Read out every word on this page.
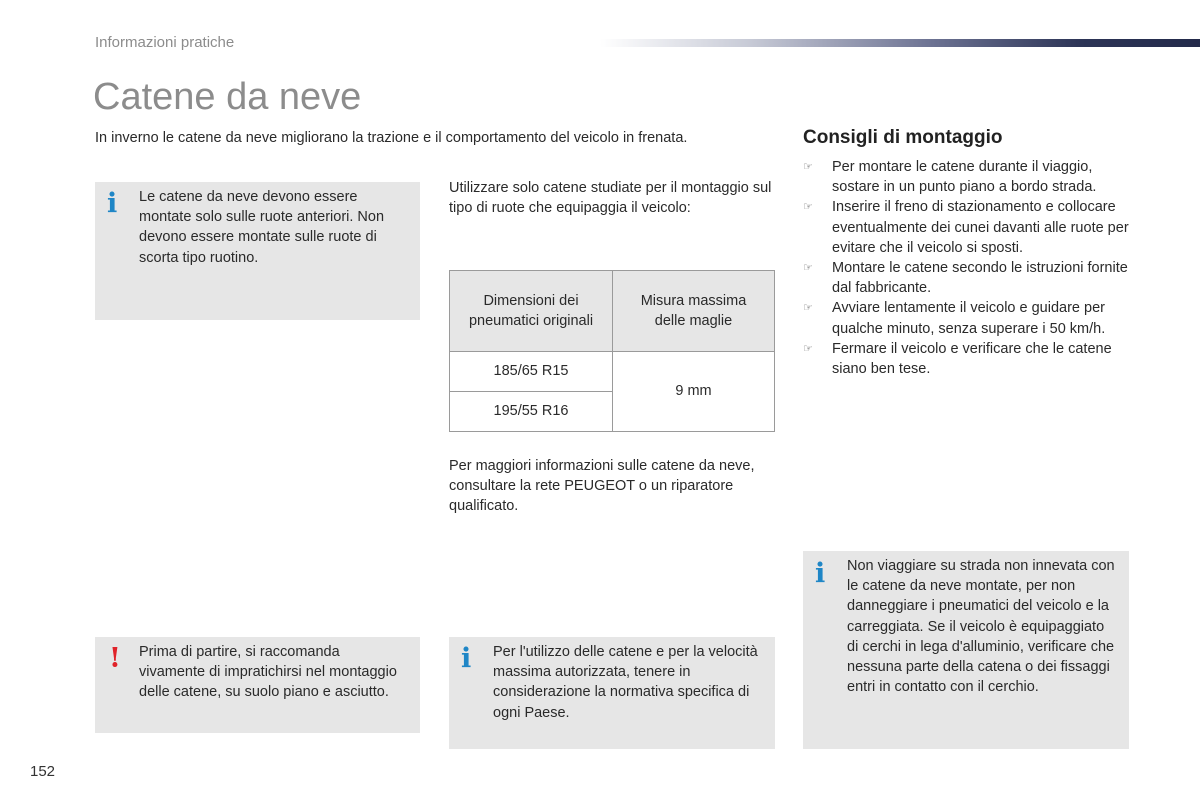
Informazioni pratiche
Catene da neve
In inverno le catene da neve migliorano la trazione e il comportamento del veicolo in frenata.
i Le catene da neve devono essere montate solo sulle ruote anteriori. Non devono essere montate sulle ruote di scorta tipo ruotino.
Utilizzare solo catene studiate per il montaggio sul tipo di ruote che equipaggia il veicolo:
Dimensioni dei pneumatici originali	Misura massima delle maglie

185/65 R15	9 mm
195/55 R16	
Per maggiori informazioni sulle catene da neve, consultare la rete PEUGEOT o un riparatore qualificato.
Consigli di montaggio
☞ Per montare le catene durante il viaggio, sostare in un punto piano a bordo strada.
☞ Inserire il freno di stazionamento e collocare eventualmente dei cunei davanti alle ruote per evitare che il veicolo si sposti.
☞ Montare le catene secondo le istruzioni fornite dal fabbricante.
☞ Avviare lentamente il veicolo e guidare per qualche minuto, senza superare i 50 km/h.
☞ Fermare il veicolo e verificare che le catene siano ben tese.
i Non viaggiare su strada non innevata con le catene da neve montate, per non danneggiare i pneumatici del veicolo e la carreggiata. Se il veicolo è equipaggiato di cerchi in lega d'alluminio, verificare che nessuna parte della catena o dei fissaggi entri in contatto con il cerchio.
! Prima di partire, si raccomanda vivamente di impratichirsi nel montaggio delle catene, su suolo piano e asciutto.
i Per l'utilizzo delle catene e per la velocità massima autorizzata, tenere in considerazione la normativa specifica di ogni Paese.
152
